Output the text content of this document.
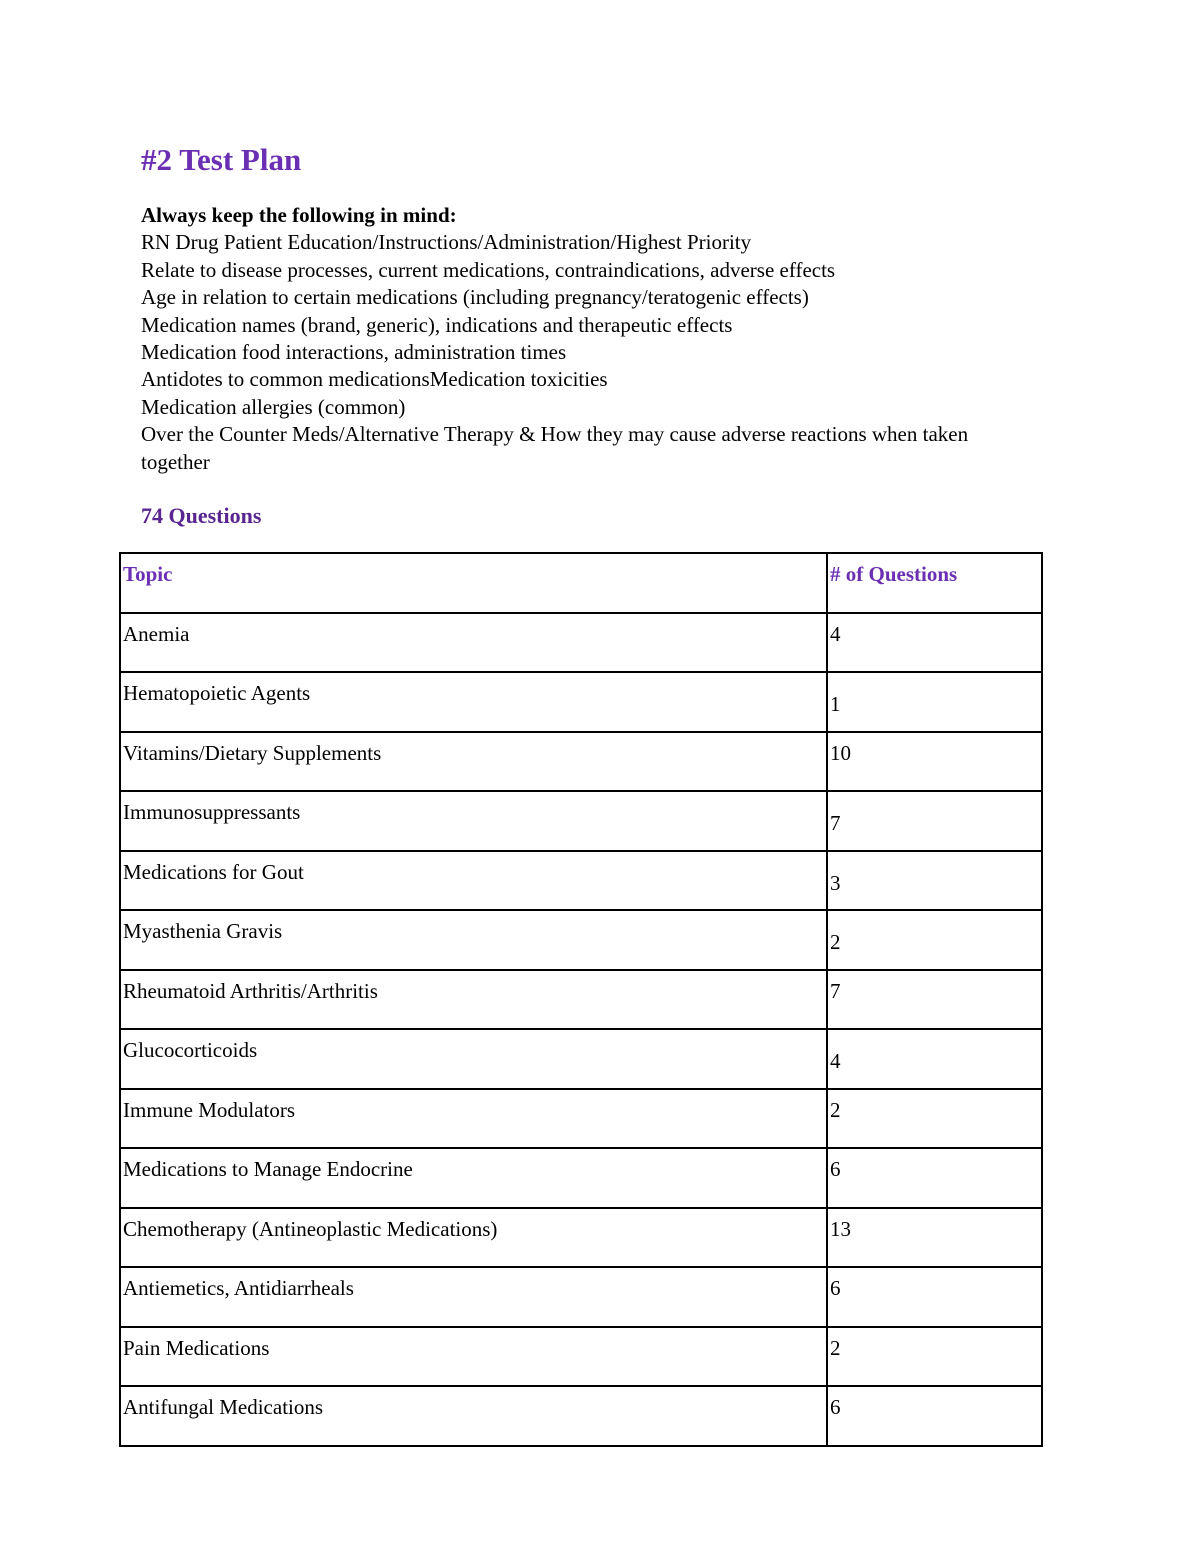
#2 Test Plan
Always keep the following in mind:
RN Drug Patient Education/Instructions/Administration/Highest Priority
Relate to disease processes, current medications, contraindications, adverse effects
Age in relation to certain medications (including pregnancy/teratogenic effects)
Medication names (brand, generic), indications and therapeutic effects
Medication food interactions, administration times
Antidotes to common medicationsMedication toxicities
Medication allergies (common)
Over the Counter Meds/Alternative Therapy & How they may cause adverse reactions when taken together
74 Questions
Topic	# of Questions
Anemia	4
Hematopoietic Agents	1
Vitamins/Dietary Supplements	10
Immunosuppressants	7
Medications for Gout	3
Myasthenia Gravis	2
Rheumatoid Arthritis/Arthritis	7
Glucocorticoids	4
Immune Modulators	2
Medications to Manage Endocrine	6
Chemotherapy (Antineoplastic Medications)	13
Antiemetics, Antidiarrheals	6
Pain Medications	2
Antifungal Medications	6
